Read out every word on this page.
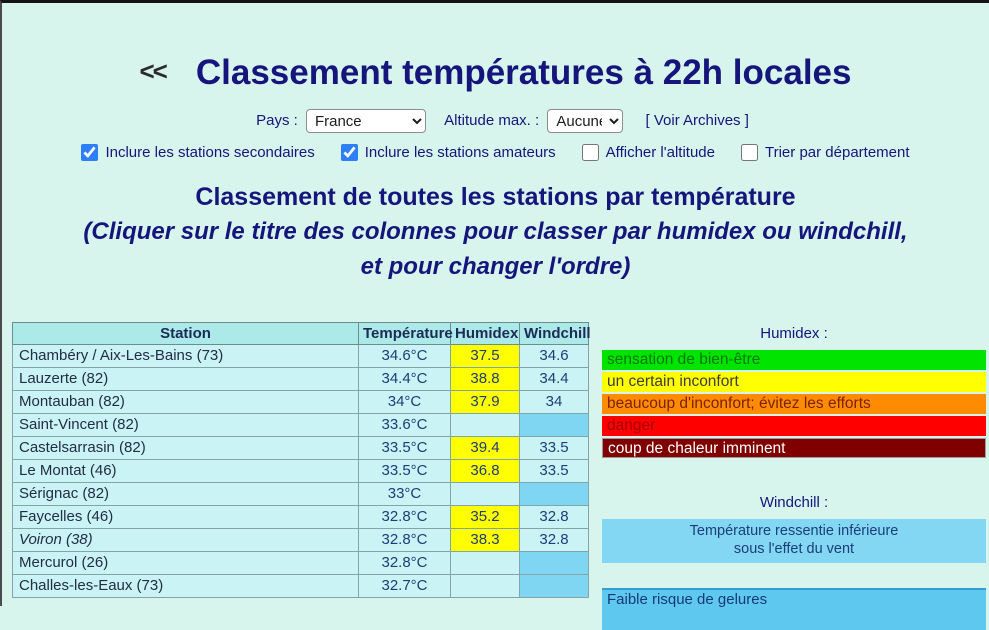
<< Classement températures à 22h locales
Pays :
France	Altitude max. :
Aucune	[ Voir Archives ]
Inclure les stations secondaires	Inclure les stations amateurs	Afficher l'altitude	Trier par département
Classement de toutes les stations par température
(Cliquer sur le titre des colonnes pour classer par humidex ou windchill,
et pour changer l'ordre)
Station	Température	Humidex	Windchill
Chambéry / Aix-Les-Bains (73)	34.6°C	37.5	34.6
Lauzerte (82)	34.4°C	38.8	34.4
Montauban (82)	34°C	37.9	34
Saint-Vincent (82)	33.6°C		
Castelsarrasin (82)	33.5°C	39.4	33.5
Le Montat (46)	33.5°C	36.8	33.5
Sérignac (82)	33°C		
Faycelles (46)	32.8°C	35.2	32.8
Voiron (38)	32.8°C	38.3	32.8
Mercurol (26)	32.8°C		
Challes-les-Eaux (73)	32.7°C		
Humidex :
sensation de bien-être
un certain inconfort
beaucoup d'inconfort; évitez les efforts
danger
coup de chaleur imminent
Windchill :
Température ressentie inférieure
sous l'effet du vent
Faible risque de gelures
